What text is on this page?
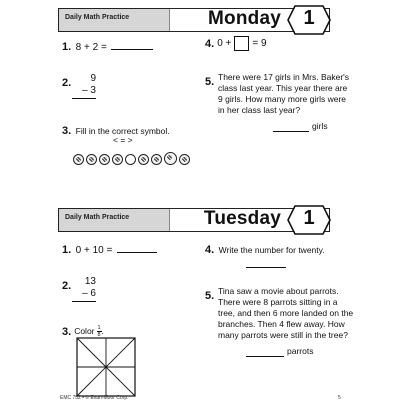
Daily Math Practice	Monday	1
1. 8 + 2 =	4. 0 + = 9
2.	9
– 3
5. There were 17 girls in Mrs. Baker's
class last year. This year there are
9 girls. How many more girls were
in her class last year?
girls
3. Fill in the correct symbol.
< = >
Daily Math Practice	Tuesday	1
1. 0 + 10 =	4. Write the number for twenty.
2.	13
– 6	5. Tina saw a movie about parrots.
There were 8 parrots sitting in a
tree, and then 6 more landed on the
branches. Then 4 flew away. How
many parrots were still in the tree?
parrots
3. Color 1
8 .
EMC 752 • © Evan-Moor Corp.	5
